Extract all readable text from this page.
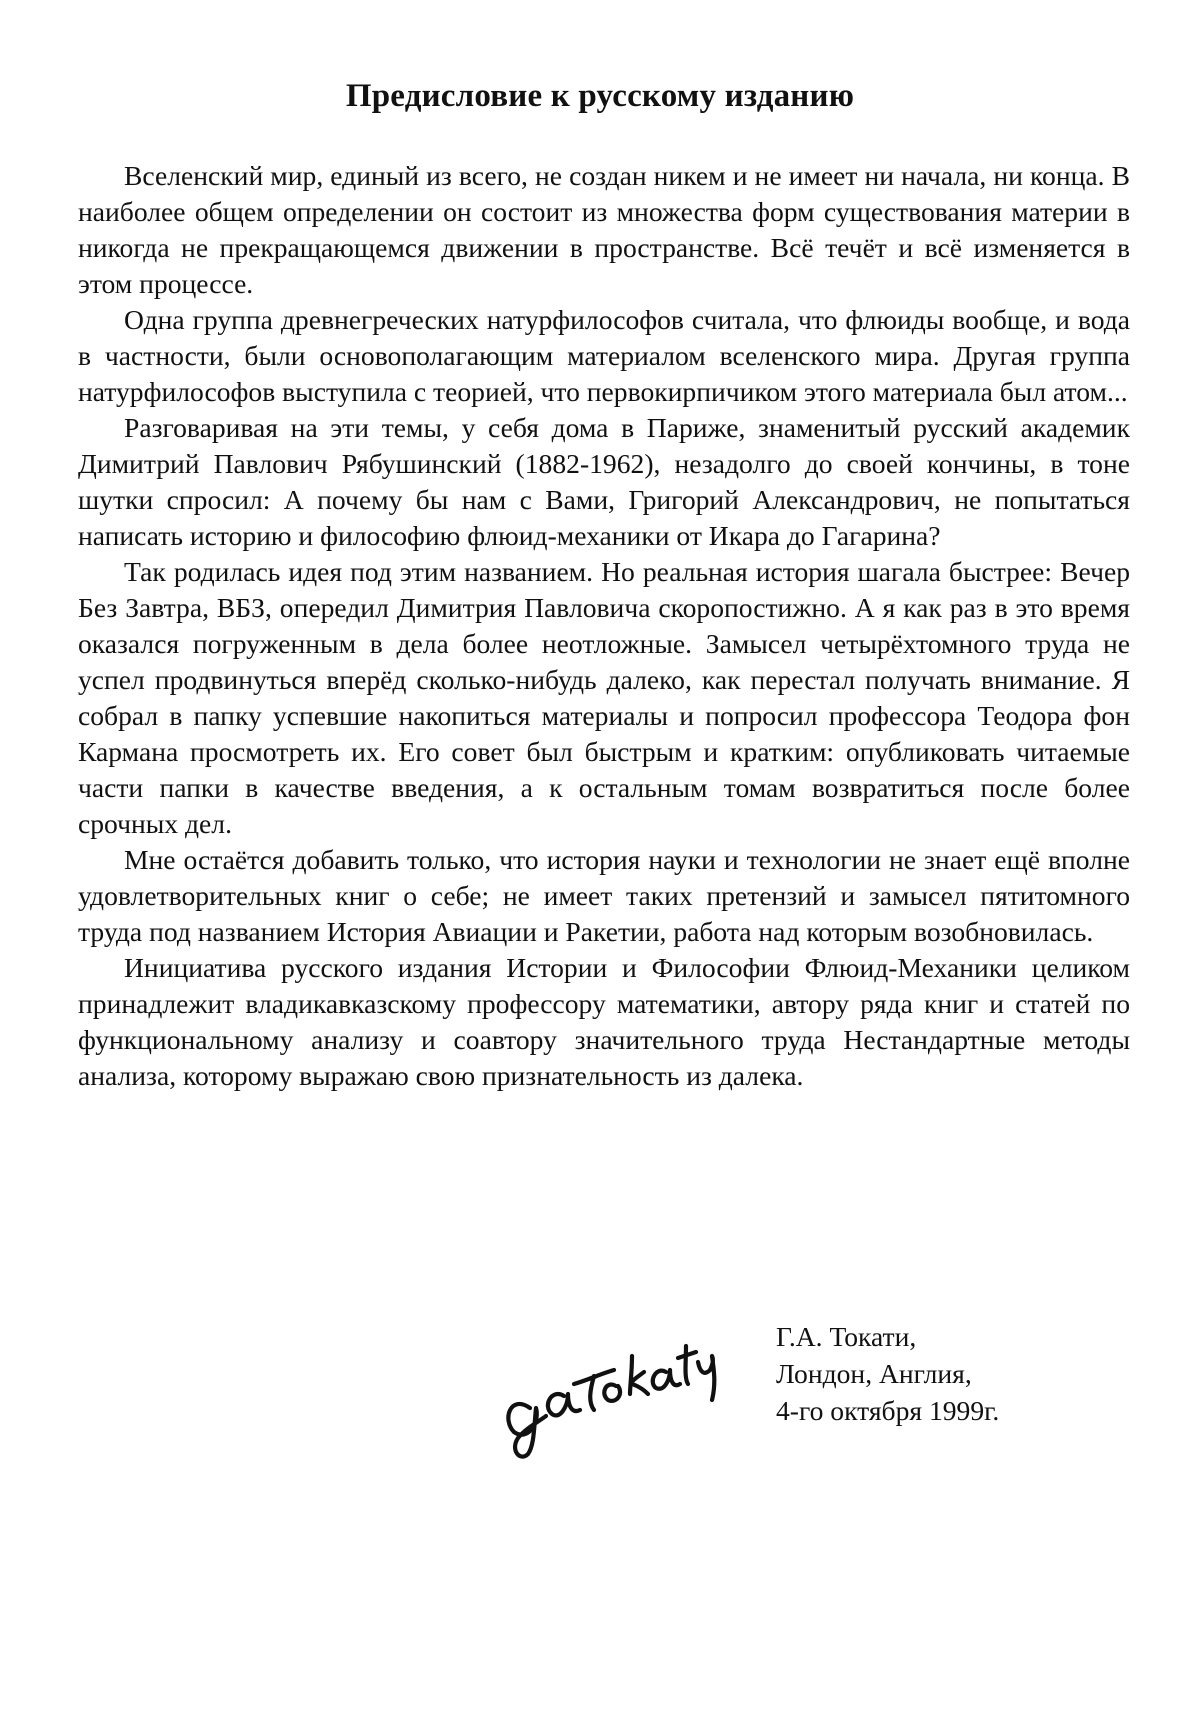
Предисловие к русскому изданию

Вселенский мир, единый из всего, не создан никем и не имеет ни начала, ни конца. В наиболее общем определении он состоит из множества форм существования материи в никогда не прекращающемся движении в пространстве. Всё течёт и всё изменяется в этом процессе.

Одна группа древнегреческих натурфилософов считала, что флюиды вообще, и вода в частности, были основополагающим материалом вселенского мира. Другая группа натурфилософов выступила с теорией, что первокирпичиком этого материала был атом...

Разговаривая на эти темы, у себя дома в Париже, знаменитый русский академик Димитрий Павлович Рябушинский (1882-1962), незадолго до своей кончины, в тоне шутки спросил: А почему бы нам с Вами, Григорий Александрович, не попытаться написать историю и философию флюид-механики от Икара до Гагарина?

Так родилась идея под этим названием. Но реальная история шагала быстрее: Вечер Без Завтра, ВБЗ, опередил Димитрия Павловича скоропостижно. А я как раз в это время оказался погруженным в дела более неотложные. Замысел четырёхтомного труда не успел продвинуться вперёд сколько-нибудь далеко, как перестал получать внимание. Я собрал в папку успевшие накопиться материалы и попросил профессора Теодора фон Кармана просмотреть их. Его совет был быстрым и кратким: опубликовать читаемые части папки в качестве введения, а к остальным томам возвратиться после более срочных дел.

Мне остаётся добавить только, что история науки и технологии не знает ещё вполне удовлетворительных книг о себе; не имеет таких претензий и замысел пятитомного труда под названием История Авиации и Ракетии, работа над которым возобновилась.

Инициатива русского издания Истории и Философии Флюид-Механики целиком принадлежит владикавказскому профессору математики, автору ряда книг и статей по функциональному анализу и соавтору значительного труда Нестандартные методы анализа, которому выражаю свою признательность из далека.

Г.А. Токати,
Лондон, Англия,
4-го октября 1999г.
